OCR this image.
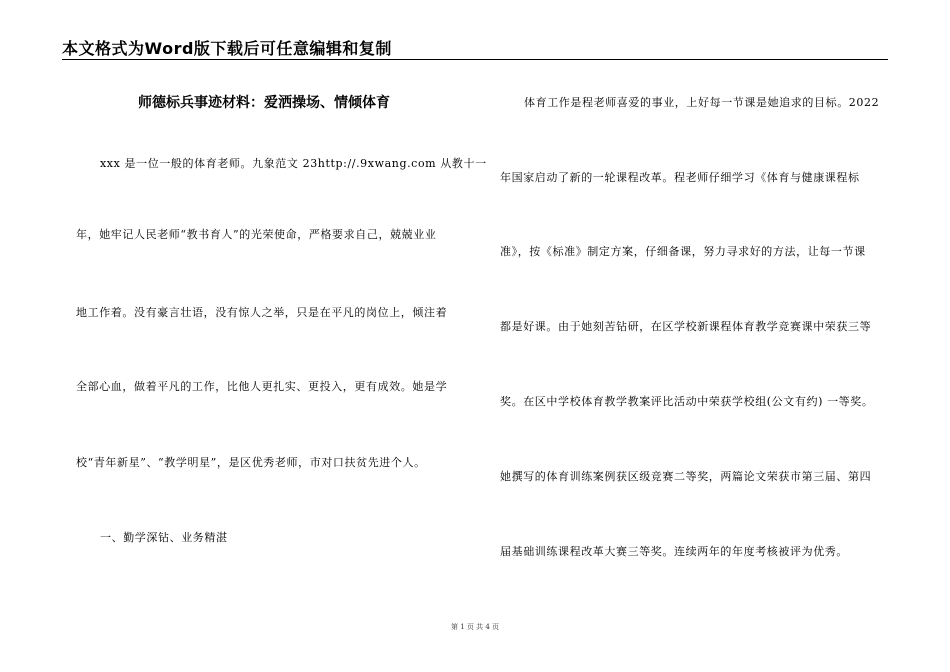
本文格式为Word版下载后可任意编辑和复制
师德标兵事迹材料：爱洒操场、情倾体育
xxx 是一位一般的体育老师。九象范文 23http://.9xwang.com 从教十一
年，她牢记人民老师“教书育人”的光荣使命，严格要求自己，兢兢业业
地工作着。没有豪言壮语，没有惊人之举，只是在平凡的岗位上，倾注着
全部心血，做着平凡的工作，比他人更扎实、更投入，更有成效。她是学
校“青年新星”、“教学明星”，是区优秀老师，市对口扶贫先进个人。
一、勤学深钻、业务精湛
体育工作是程老师喜爱的事业，上好每一节课是她追求的目标。2022
年国家启动了新的一轮课程改革。程老师仔细学习《体育与健康课程标
准》，按《标准》制定方案，仔细备课，努力寻求好的方法，让每一节课
都是好课。由于她刻苦钻研，在区学校新课程体育教学竞赛课中荣获三等
奖。在区中学校体育教学教案评比活动中荣获学校组(公文有约) 一等奖。
她撰写的体育训练案例获区级竞赛二等奖，两篇论文荣获市第三届、第四
届基础训练课程改革大赛三等奖。连续两年的年度考核被评为优秀。
第 1 页 共 4 页
